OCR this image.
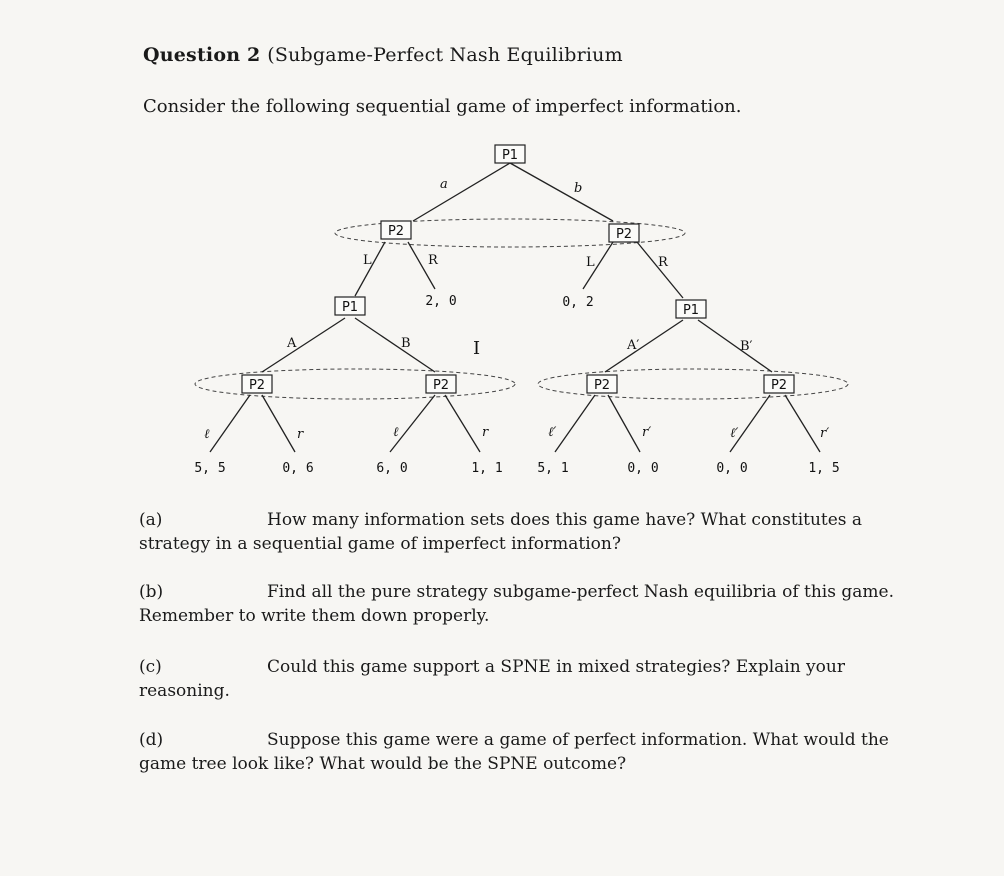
Question 2 (Subgame-Perfect Nash Equilibrium
Consider the following sequential game of imperfect information.
P1
P2	P2
P1	P1
P2	P2	P2	P2
a	b
L	R	L	R
A	B	A′	B′
I
ℓ	r	ℓ	r	ℓ′	r′	ℓ′	r′
2, 0	0, 2
5, 5	0, 6	6, 0	1, 1	5, 1	0, 0	0, 0	1, 5
(a)	How many information sets does this game have? What constitutes a strategy in a sequential game of imperfect information?
(b)	Find all the pure strategy subgame-perfect Nash equilibria of this game. Remember to write them down properly.
(c)	Could this game support a SPNE in mixed strategies? Explain your reasoning.
(d)	Suppose this game were a game of perfect information. What would the game tree look like? What would be the SPNE outcome?
